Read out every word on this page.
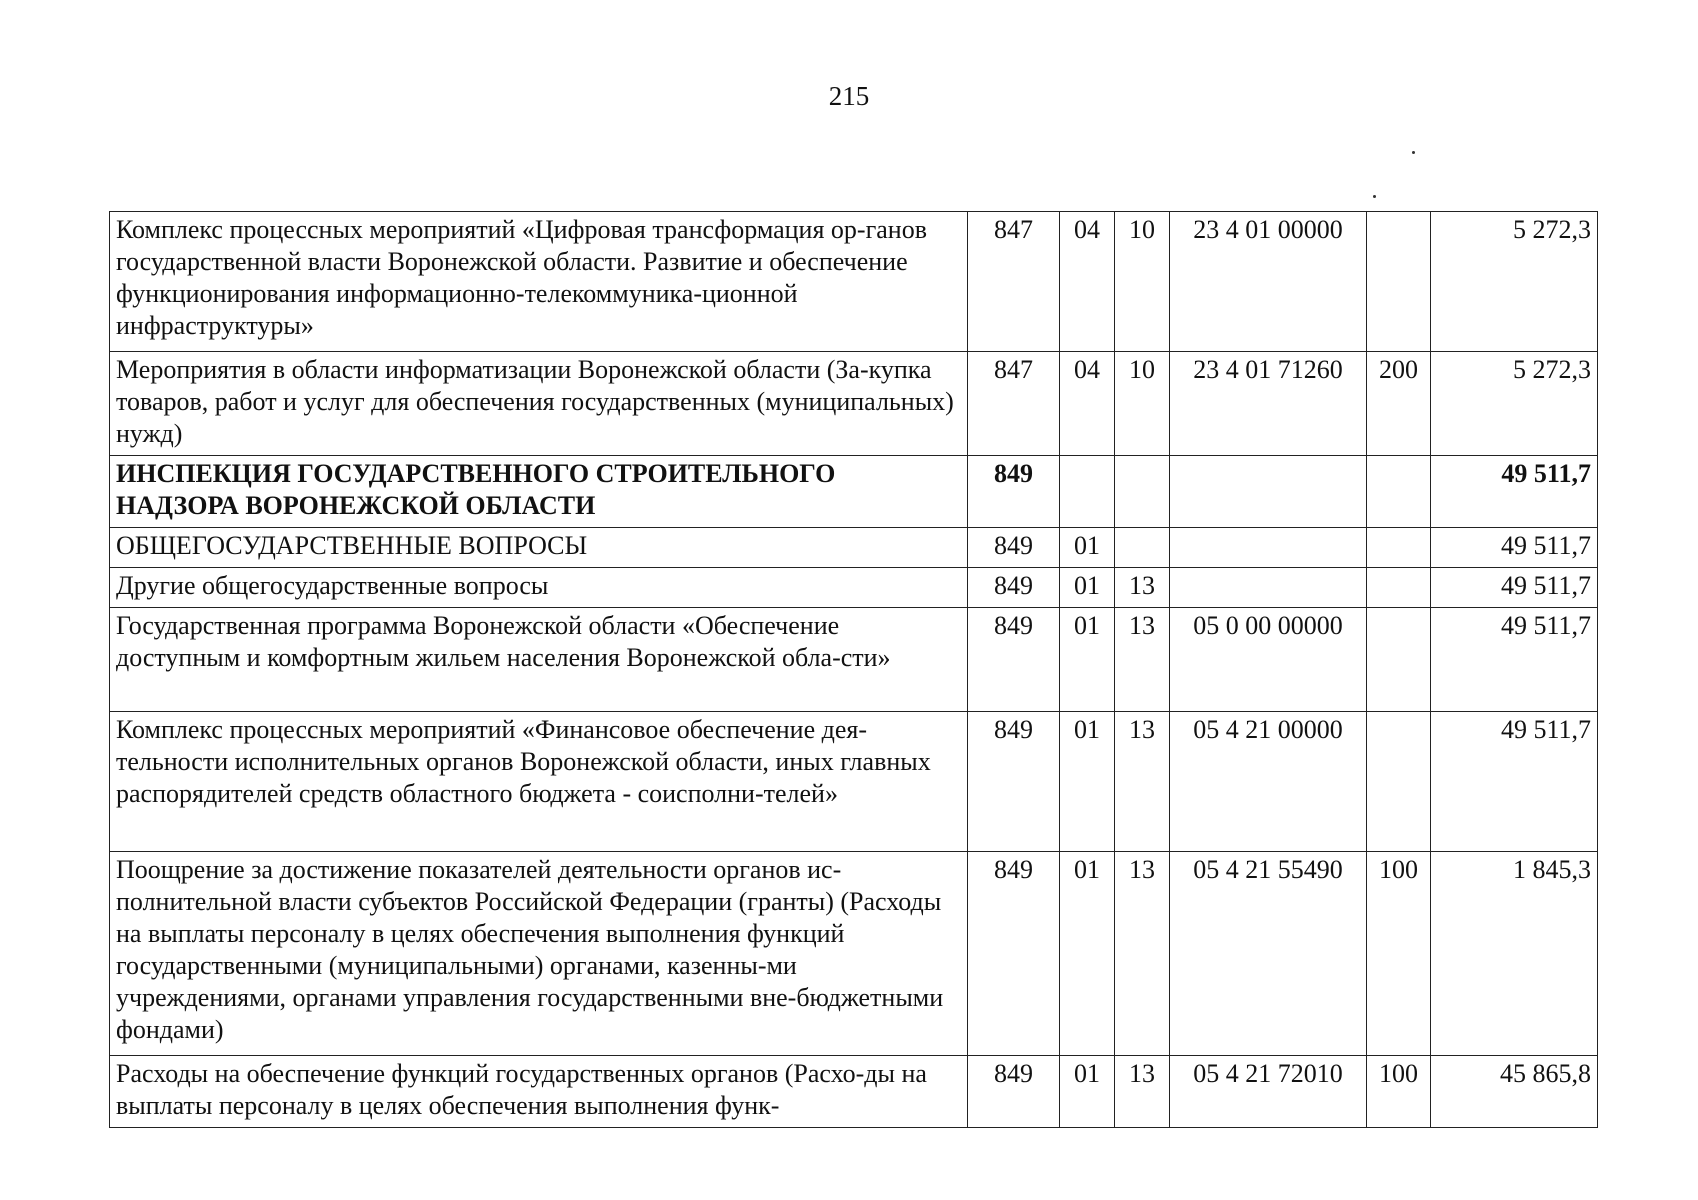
215
Комплекс процессных мероприятий «Цифровая трансформация ор-ганов государственной власти Воронежской области. Развитие и обеспечение функционирования информационно-телекоммуника-ционной инфраструктуры»	847	04	10	23 4 01 00000		5 272,3
Мероприятия в области информатизации Воронежской области (За-купка товаров, работ и услуг для обеспечения государственных (муниципальных) нужд)	847	04	10	23 4 01 71260	200	5 272,3
ИНСПЕКЦИЯ ГОСУДАРСТВЕННОГО СТРОИТЕЛЬНОГО НАДЗОРА ВОРОНЕЖСКОЙ ОБЛАСТИ	849					49 511,7
ОБЩЕГОСУДАРСТВЕННЫЕ ВОПРОСЫ	849	01				49 511,7
Другие общегосударственные вопросы	849	01	13			49 511,7
Государственная программа Воронежской области «Обеспечение доступным и комфортным жильем населения Воронежской обла-сти»	849	01	13	05 0 00 00000		49 511,7
Комплекс процессных мероприятий «Финансовое обеспечение дея-тельности исполнительных органов Воронежской области, иных главных распорядителей средств областного бюджета - соисполни-телей»	849	01	13	05 4 21 00000		49 511,7
Поощрение за достижение показателей деятельности органов ис-полнительной власти субъектов Российской Федерации (гранты) (Расходы на выплаты персоналу в целях обеспечения выполнения функций государственными (муниципальными) органами, казенны-ми учреждениями, органами управления государственными вне-бюджетными фондами)	849	01	13	05 4 21 55490	100	1 845,3
Расходы на обеспечение функций государственных органов (Расхо-ды на выплаты персоналу в целях обеспечения выполнения функ-	849	01	13	05 4 21 72010	100	45 865,8
